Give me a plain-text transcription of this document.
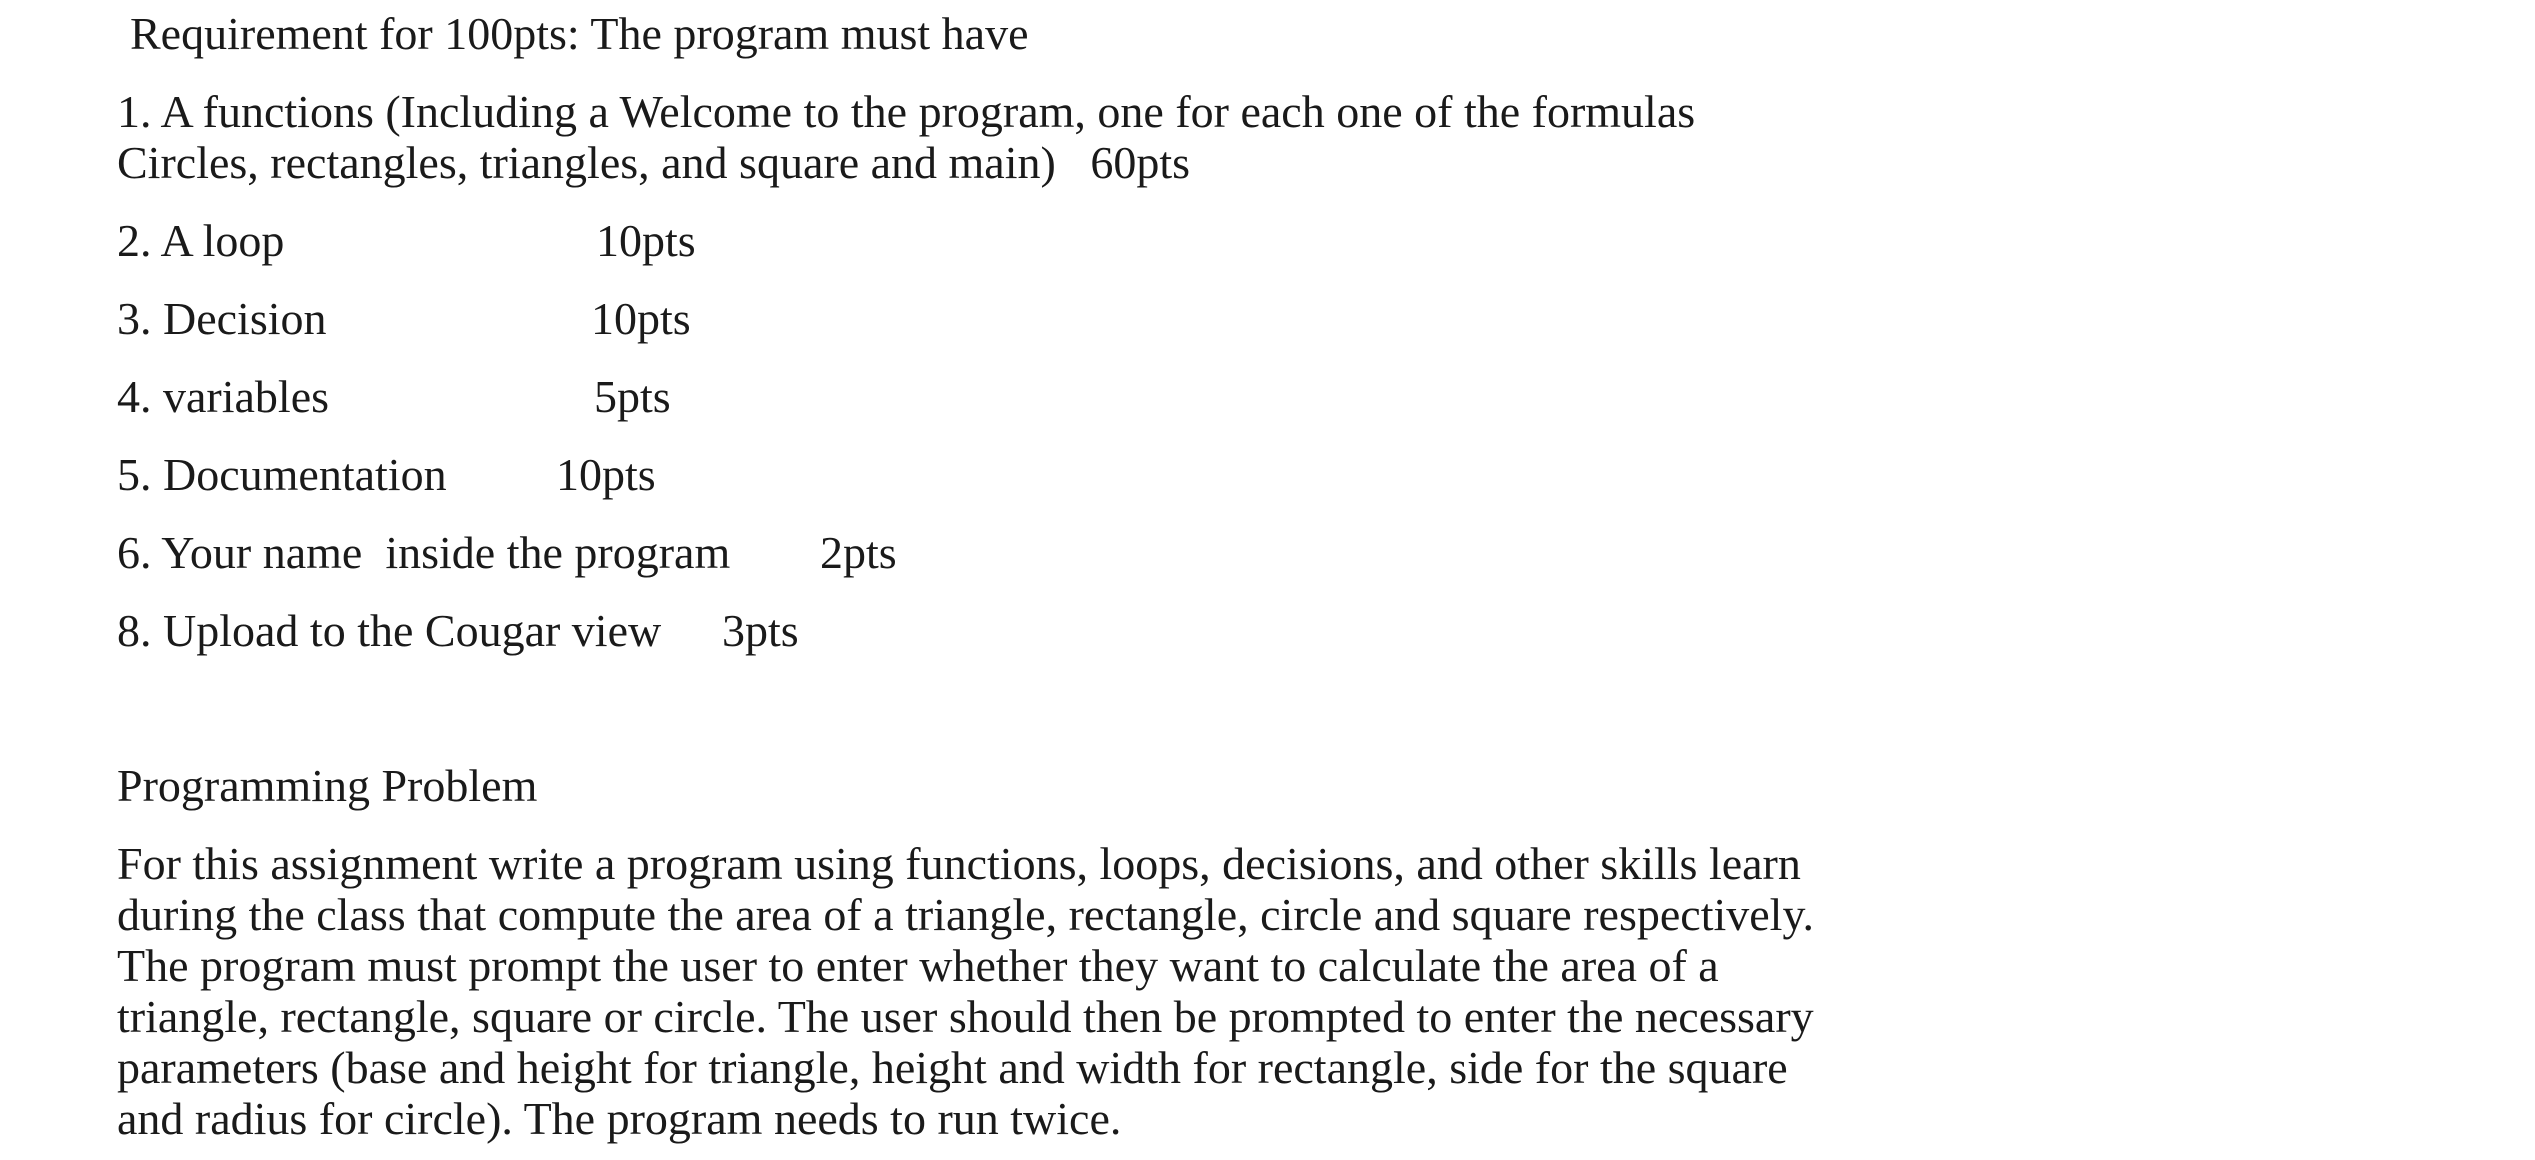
Requirement for 100pts: The program must have
1. A functions (Including a Welcome to the program, one for each one of the formulas
Circles, rectangles, triangles, and square and main)   60pts
2. A loop	10pts
3. Decision	10pts
4. variables	5pts
5. Documentation 10pts
6. Your name  inside the program 2pts
8. Upload to the Cougar view 3pts
Programming Problem
For this assignment write a program using functions, loops, decisions, and other skills learn
during the class that compute the area of a triangle, rectangle, circle and square respectively.
The program must prompt the user to enter whether they want to calculate the area of a
triangle, rectangle, square or circle. The user should then be prompted to enter the necessary
parameters (base and height for triangle, height and width for rectangle, side for the square
and radius for circle). The program needs to run twice.
